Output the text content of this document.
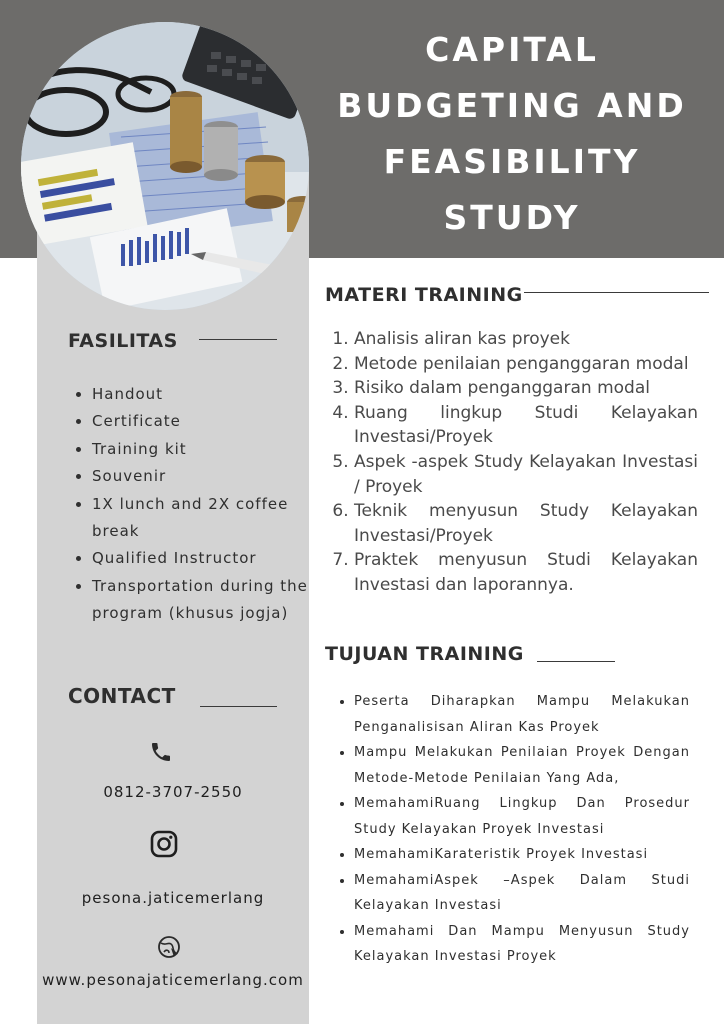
CAPITAL
BUDGETING AND
FEASIBILITY
STUDY
FASILITAS
• Handout
• Certificate
• Training kit
• Souvenir
• 1X lunch and 2X coffee break
• Qualified Instructor
• Transportation during the program (khusus jogja)
CONTACT
0812-3707-2550
pesona.jaticemerlang
www.pesonajaticemerlang.com
MATERI TRAINING
1. Analisis aliran kas proyek
2. Metode penilaian penganggaran modal
3. Risiko dalam penganggaran modal
4. Ruang lingkup Studi Kelayakan Investasi/Proyek
5. Aspek -aspek Study Kelayakan Investasi / Proyek
6. Teknik menyusun Study Kelayakan Investasi/Proyek
7. Praktek menyusun Studi Kelayakan Investasi dan laporannya.
TUJUAN TRAINING
• Peserta Diharapkan Mampu Melakukan Penganalisisan Aliran Kas Proyek
• Mampu Melakukan Penilaian Proyek Dengan Metode-Metode Penilaian Yang Ada,
• MemahamiRuang Lingkup Dan Prosedur Study Kelayakan Proyek Investasi
• MemahamiKarateristik Proyek Investasi
• MemahamiAspek –Aspek Dalam Studi Kelayakan Investasi
• Memahami Dan Mampu Menyusun Study Kelayakan Investasi Proyek
